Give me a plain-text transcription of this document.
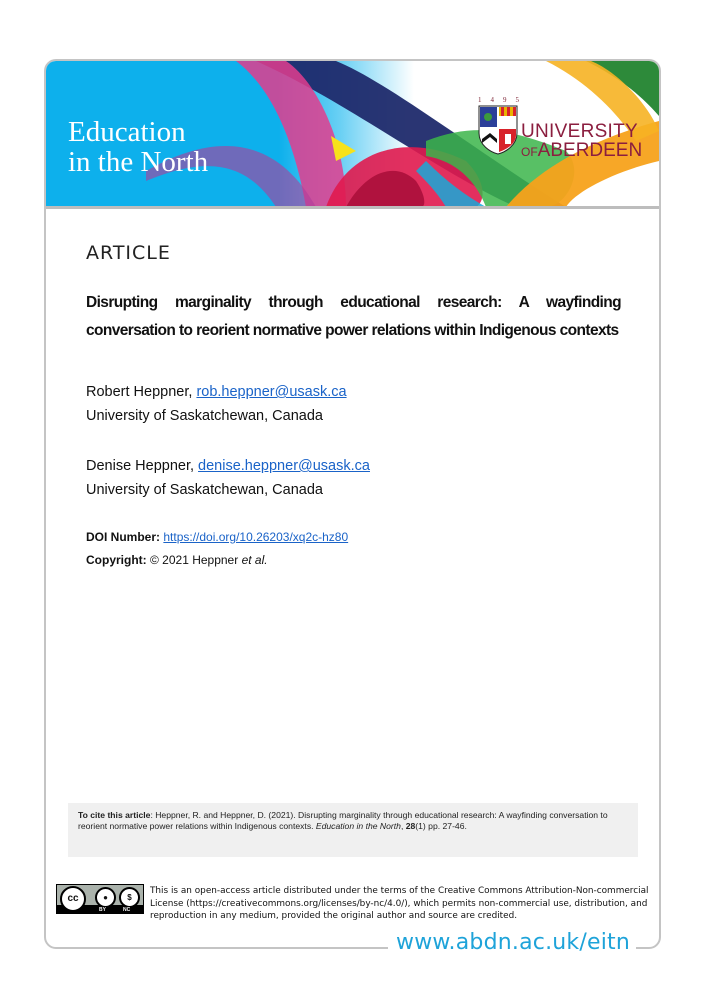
Education
in the North
1495
UNIVERSITY
OFABERDEEN
ARTICLE
Disrupting marginality through educational research: A wayfinding conversation to reorient normative power relations within Indigenous contexts
Robert Heppner, rob.heppner@usask.ca
University of Saskatchewan, Canada
Denise Heppner, denise.heppner@usask.ca
University of Saskatchewan, Canada
DOI Number: https://doi.org/10.26203/xq2c-hz80
Copyright: © 2021 Heppner et al.
To cite this article: Heppner, R. and Heppner, D. (2021). Disrupting marginality through educational research: A wayfinding conversation to reorient normative power relations within Indigenous contexts. Education in the North, 28(1) pp. 27-46.
cc	●	$
BY	NC
This is an open-access article distributed under the terms of the Creative Commons Attribution-Non-commercial License (https://creativecommons.org/licenses/by-nc/4.0/), which permits non-commercial use, distribution, and reproduction in any medium, provided the original author and source are credited.
www.abdn.ac.uk/eitn
